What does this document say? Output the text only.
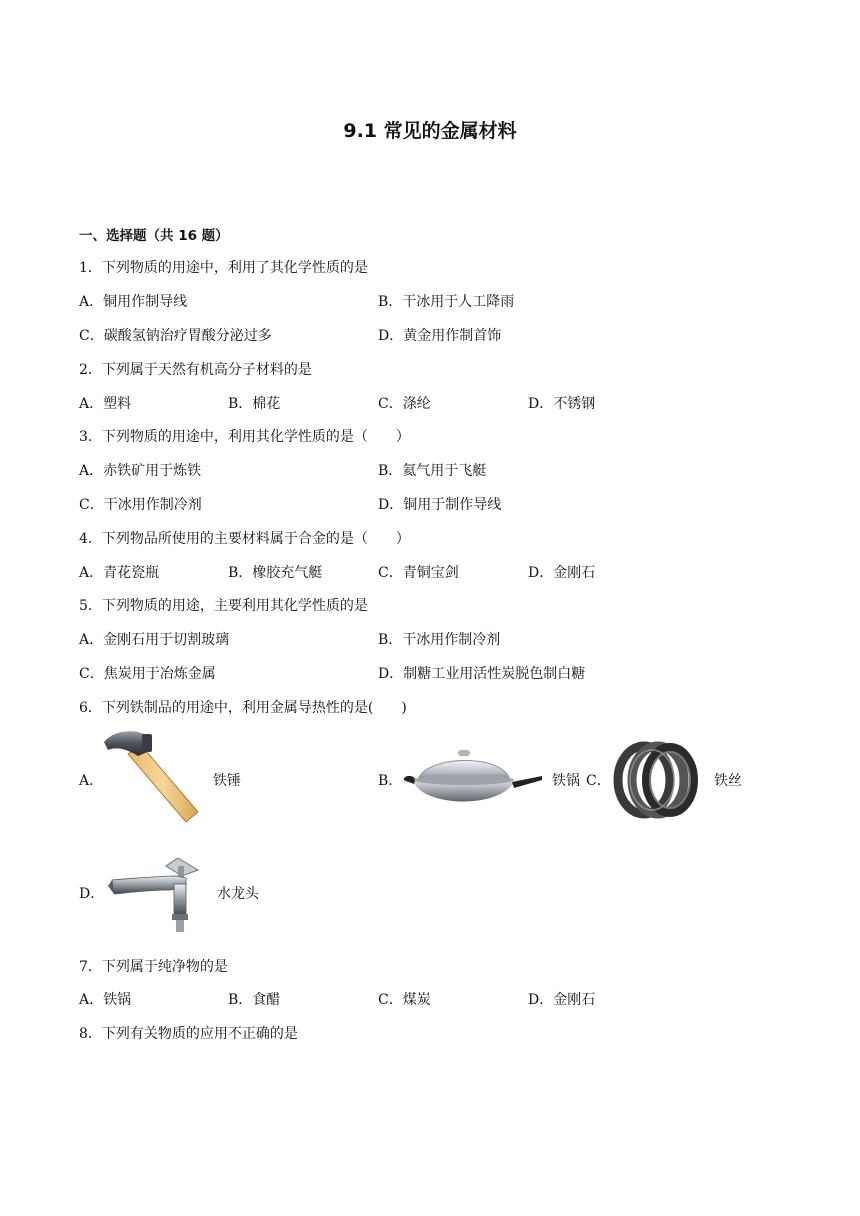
9.1 常见的金属材料
一、选择题（共 16 题）
1．下列物质的用途中，利用了其化学性质的是
A．铜用作制导线	B．干冰用于人工降雨
C．碳酸氢钠治疗胃酸分泌过多	D．黄金用作制首饰
2．下列属于天然有机高分子材料的是
A．塑料	B．棉花	C．涤纶	D．不锈钢
3．下列物质的用途中，利用其化学性质的是（　　）
A．赤铁矿用于炼铁	B．氦气用于飞艇
C．干冰用作制冷剂	D．铜用于制作导线
4．下列物品所使用的主要材料属于合金的是（　　）
A．青花瓷瓶	B．橡胶充气艇	C．青铜宝剑	D．金刚石
5．下列物质的用途，主要利用其化学性质的是
A．金刚石用于切割玻璃	B．干冰用作制冷剂
C．焦炭用于冶炼金属	D．制糖工业用活性炭脱色制白糖
6．下列铁制品的用途中，利用金属导热性的是(　　)
A．	铁锤	B．	铁锅 C．	铁丝
D．	水龙头
7．下列属于纯净物的是
A．铁锅	B．食醋	C．煤炭	D．金刚石
8．下列有关物质的应用不正确的是
